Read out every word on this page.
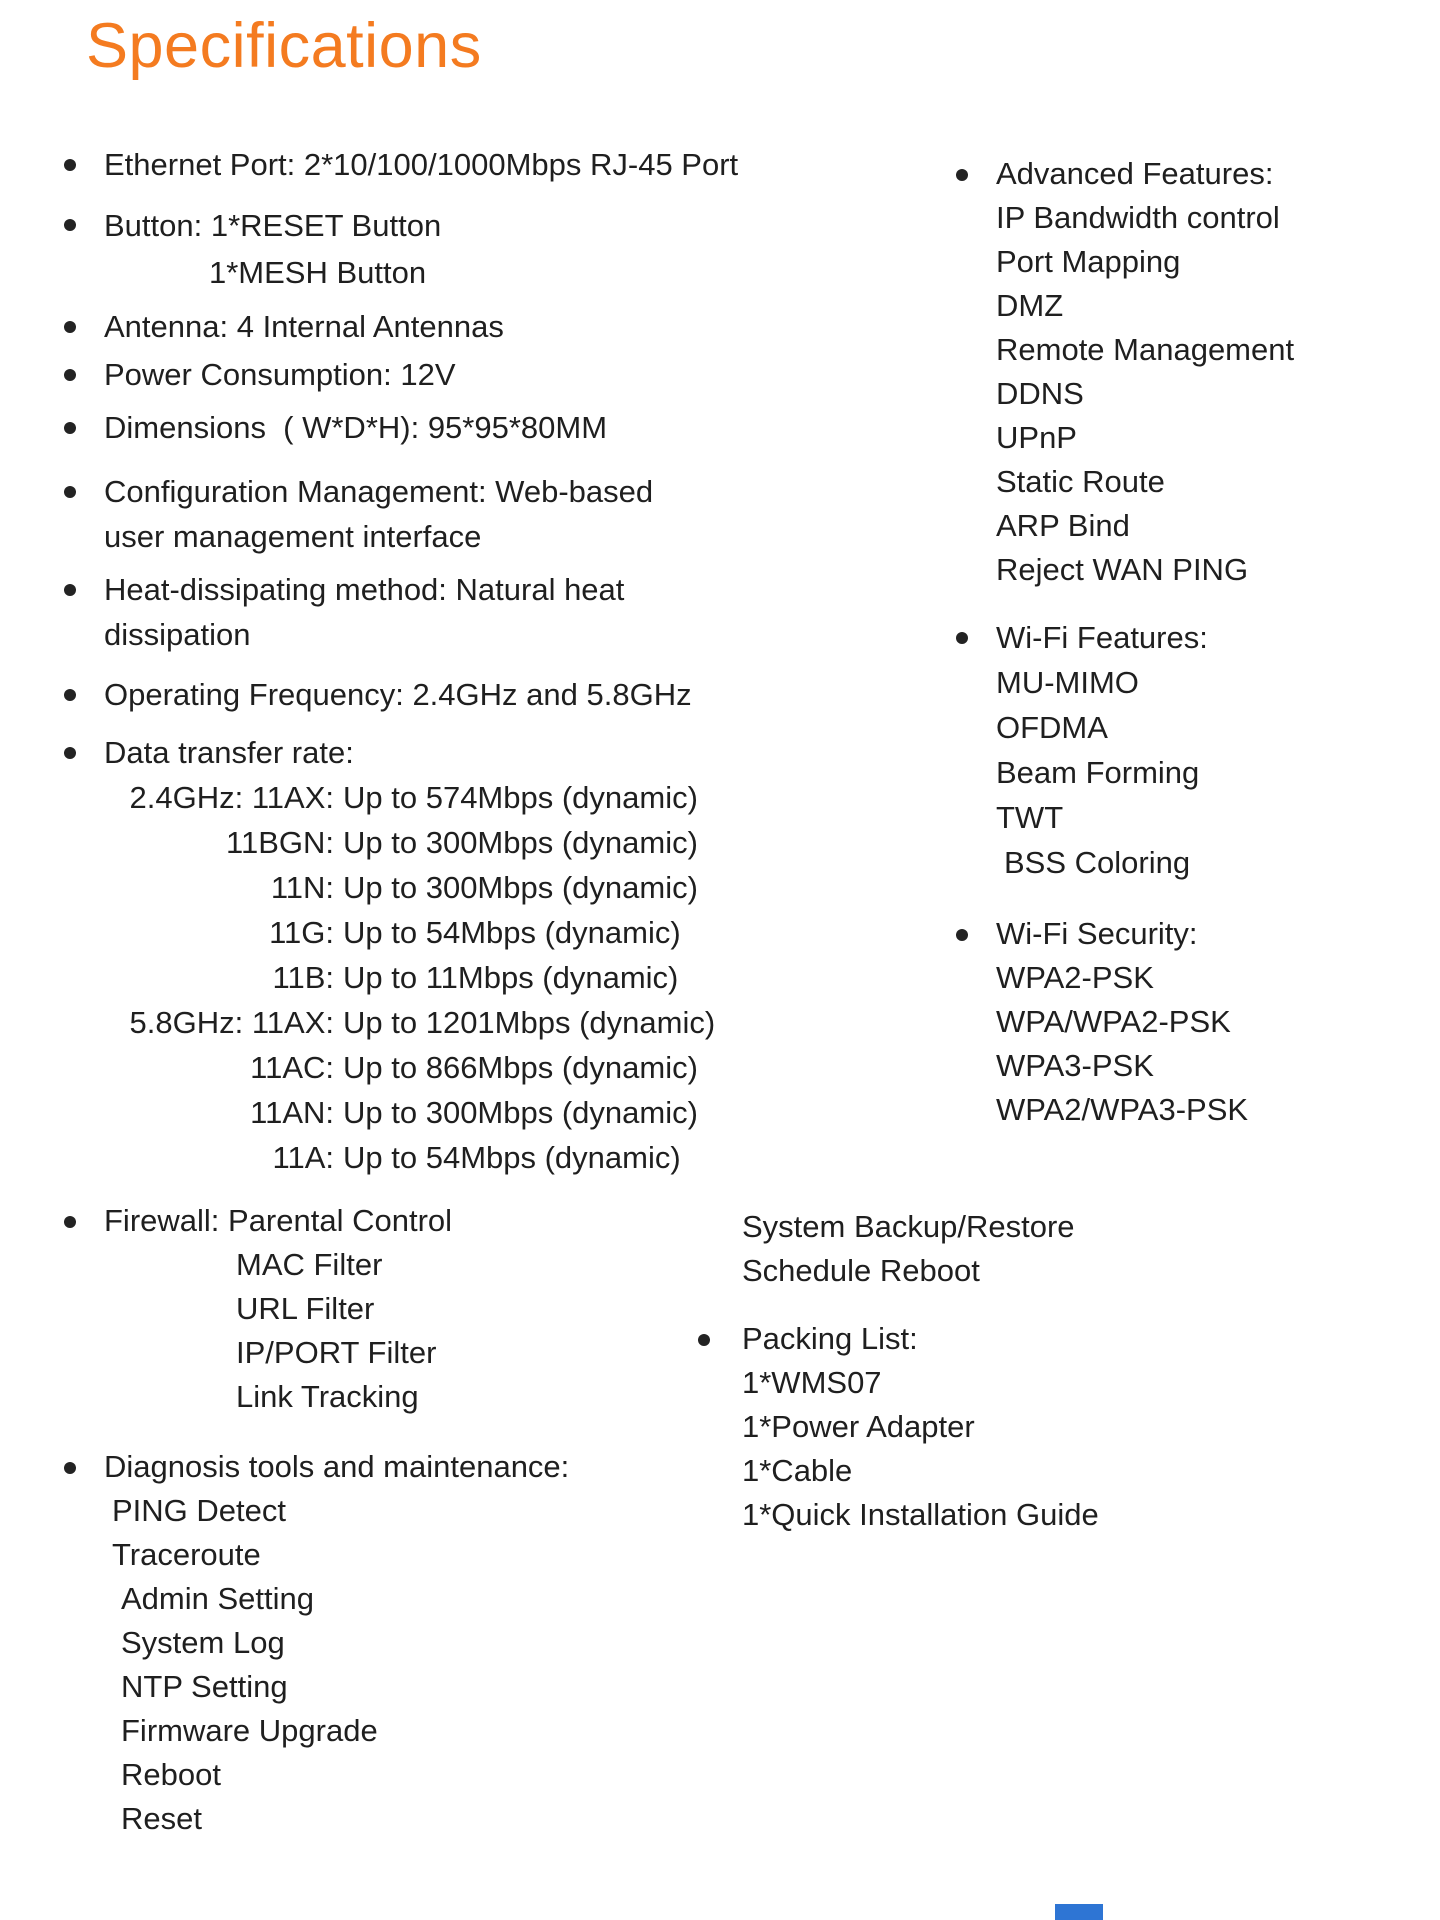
Specifications
Ethernet Port: 2*10/100/1000Mbps RJ-45 Port
Button: 1*RESET Button
1*MESH Button
Antenna: 4 Internal Antennas
Power Consumption: 12V
Dimensions  ( W*D*H): 95*95*80MM
Configuration Management: Web-based
user management interface
Heat-dissipating method: Natural heat
dissipation
Operating Frequency: 2.4GHz and 5.8GHz
Data transfer rate:
2.4GHz: 11AX: Up to 574Mbps (dynamic)
11BGN: Up to 300Mbps (dynamic)
11N: Up to 300Mbps (dynamic)
11G: Up to 54Mbps (dynamic)
11B: Up to 11Mbps (dynamic)
5.8GHz: 11AX: Up to 1201Mbps (dynamic)
11AC: Up to 866Mbps (dynamic)
11AN: Up to 300Mbps (dynamic)
11A: Up to 54Mbps (dynamic)
Firewall: Parental Control
MAC Filter
URL Filter
IP/PORT Filter
Link Tracking
Diagnosis tools and maintenance:
PING Detect
Traceroute
Admin Setting
System Log
NTP Setting
Firmware Upgrade
Reboot
Reset
Advanced Features:
IP Bandwidth control
Port Mapping
DMZ
Remote Management
DDNS
UPnP
Static Route
ARP Bind
Reject WAN PING
Wi-Fi Features:
MU-MIMO
OFDMA
Beam Forming
TWT
BSS Coloring
Wi-Fi Security:
WPA2-PSK
WPA/WPA2-PSK
WPA3-PSK
WPA2/WPA3-PSK
System Backup/Restore
Schedule Reboot
Packing List:
1*WMS07
1*Power Adapter
1*Cable
1*Quick Installation Guide
